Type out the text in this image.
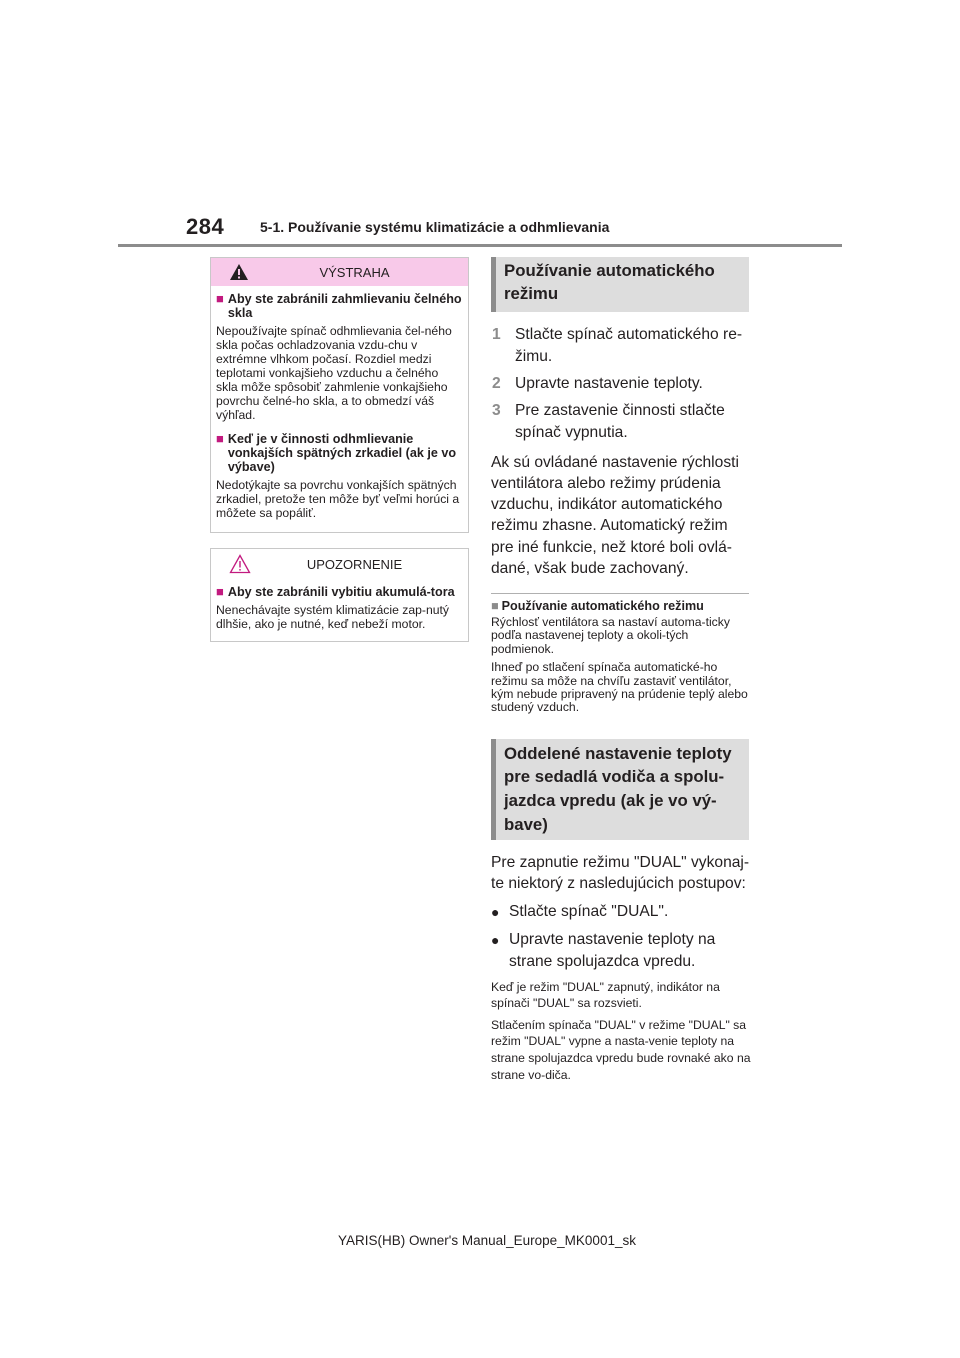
284	5-1. Používanie systému klimatizácie a odhmlievania
VÝSTRAHA
■ Aby ste zabránili zahmlievaniu čelného skla

Nepoužívajte spínač odhmlievania čel-ného skla počas ochladzovania vzdu-chu v extrémne vlhkom počasí. Rozdiel medzi teplotami vonkajšieho vzduchu a čelného skla môže spôsobiť zahmlenie vonkajšieho povrchu čelné-ho skla, a to obmedzí váš výhľad.

■ Keď je v činnosti odhmlievanie vonkajších spätných zrkadiel (ak je vo výbave)

Nedotýkajte sa povrchu vonkajších spätných zrkadiel, pretože ten môže byť veľmi horúci a môžete sa popáliť.

UPOZORNENIE
■ Aby ste zabránili vybitiu akumulá-tora

Nenechávajte systém klimatizácie zap-nutý dlhšie, ako je nutné, keď nebeží motor.

Používanie automatického režimu
1 Stlačte spínač automatického re-žimu.
2 Upravte nastavenie teploty.
3 Pre zastavenie činnosti stlačte spínač vypnutia.

Ak sú ovládané nastavenie rýchlosti ventilátora alebo režimy prúdenia vzduchu, indikátor automatického režimu zhasne. Automatický režim pre iné funkcie, než ktoré boli ovlá-dané, však bude zachovaný.

■ Používanie automatického režimu

Rýchlosť ventilátora sa nastaví automa-ticky podľa nastavenej teploty a okoli-tých podmienok.

Ihneď po stlačení spínača automatické-ho režimu sa môže na chvíľu zastaviť ventilátor, kým nebude pripravený na prúdenie teplý alebo studený vzduch.

Oddelené nastavenie teploty pre sedadlá vodiča a spolu-jazdca vpredu (ak je vo vý-bave)

Pre zapnutie režimu "DUAL" vykonaj-te niektorý z nasledujúcich postupov:

● Stlačte spínač "DUAL".
● Upravte nastavenie teploty na strane spolujazdca vpredu.

Keď je režim "DUAL" zapnutý, indikátor na spínači "DUAL" sa rozsvieti.

Stlačením spínača "DUAL" v režime "DUAL" sa režim "DUAL" vypne a nasta-venie teploty na strane spolujazdca vpredu bude rovnaké ako na strane vo-diča.

YARIS(HB) Owner's Manual_Europe_MK0001_sk
